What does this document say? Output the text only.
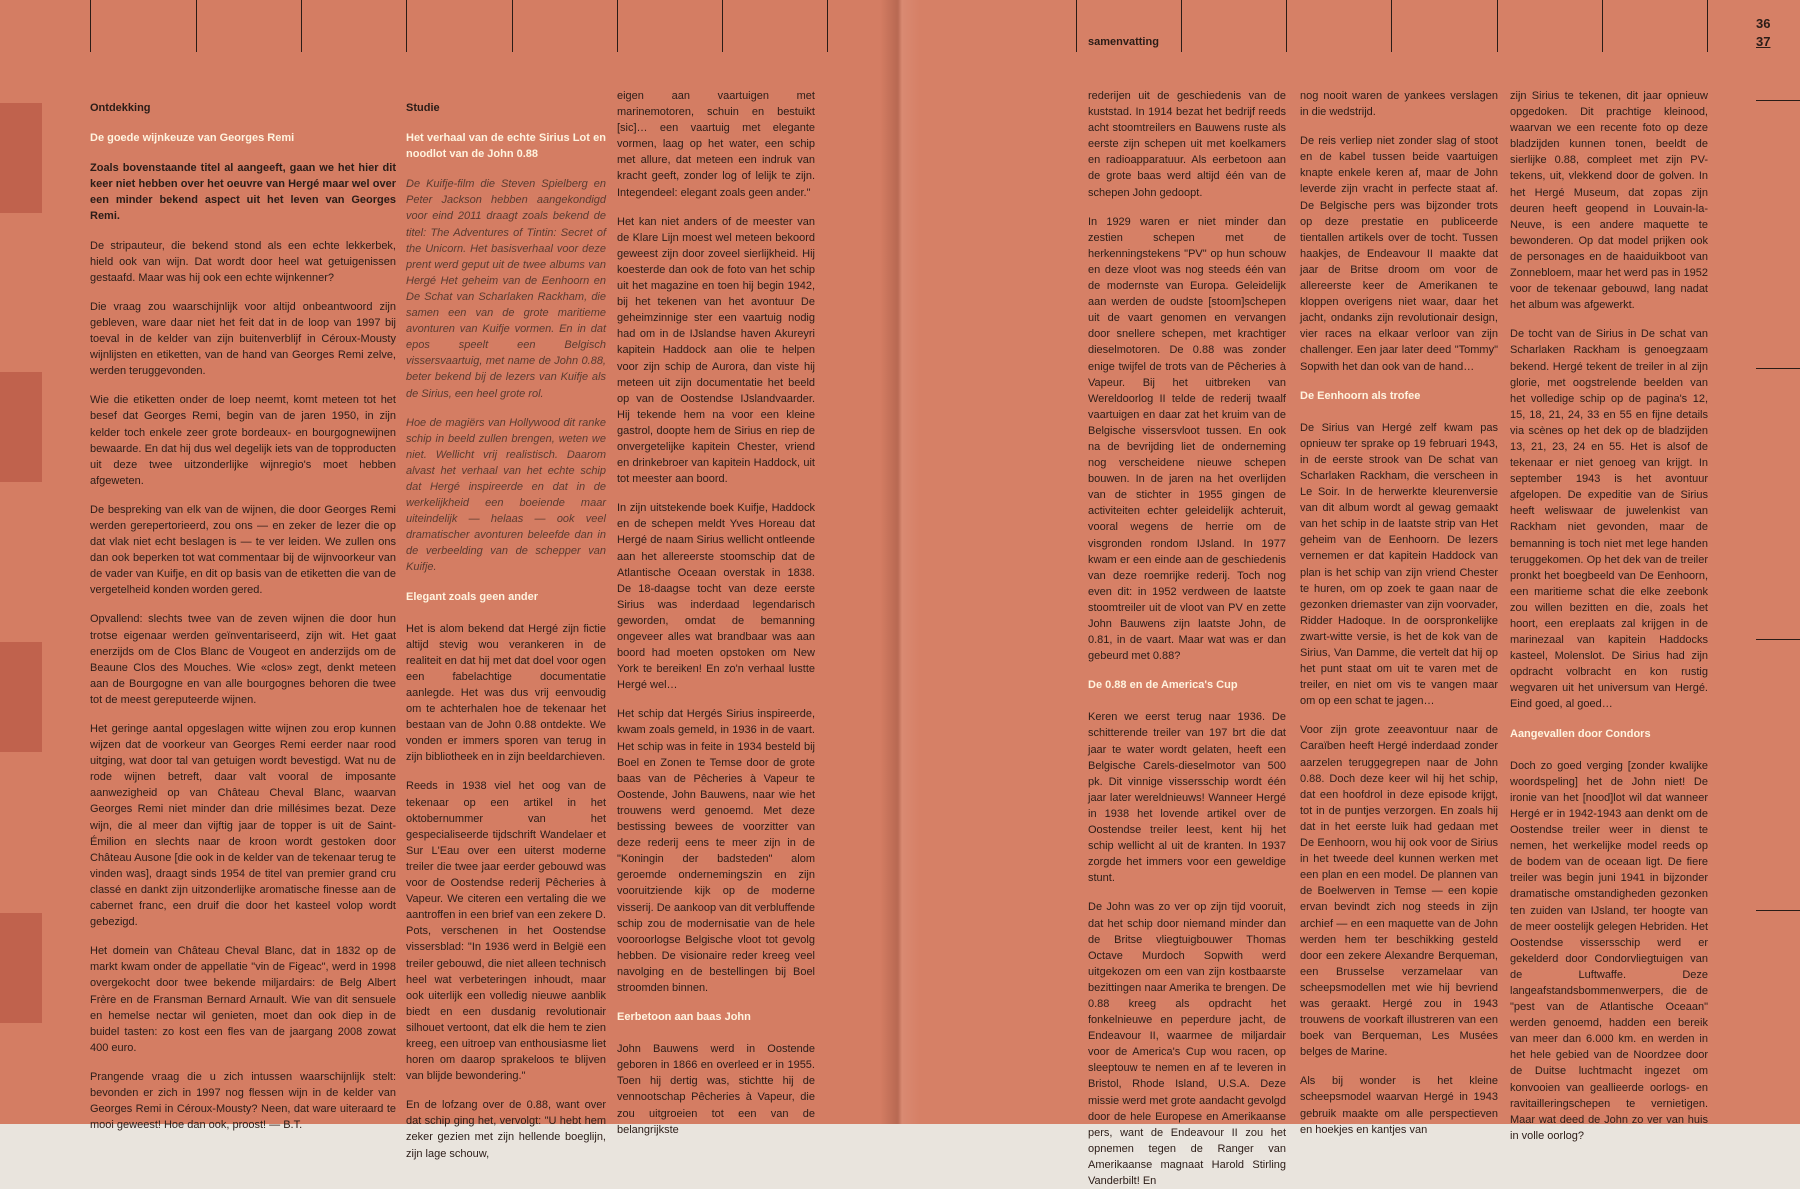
samenvatting
36
37

Ontdekking

De goede wijnkeuze van Georges Remi

Zoals bovenstaande titel al aangeeft, gaan we het hier dit keer niet hebben over het oeuvre van Hergé maar wel over een minder bekend aspect uit het leven van Georges Remi.

De stripauteur, die bekend stond als een echte lekkerbek, hield ook van wijn. Dat wordt door heel wat getuigenissen gestaafd. Maar was hij ook een echte wijnkenner?

Die vraag zou waarschijnlijk voor altijd onbeantwoord zijn gebleven, ware daar niet het feit dat in de loop van 1997 bij toeval in de kelder van zijn buitenverblijf in Céroux-Mousty wijnlijsten en etiketten, van de hand van Georges Remi zelve, werden teruggevonden.

Wie die etiketten onder de loep neemt, komt meteen tot het besef dat Georges Remi, begin van de jaren 1950, in zijn kelder toch enkele zeer grote bordeaux- en bourgognewijnen bewaarde. En dat hij dus wel degelijk iets van de topproducten uit deze twee uitzonderlijke wijnregio's moet hebben afgeweten.

De bespreking van elk van de wijnen, die door Georges Remi werden gerepertorieerd, zou ons — en zeker de lezer die op dat vlak niet echt beslagen is — te ver leiden. We zullen ons dan ook beperken tot wat commentaar bij de wijnvoorkeur van de vader van Kuifje, en dit op basis van de etiketten die van de vergetelheid konden worden gered.

Opvallend: slechts twee van de zeven wijnen die door hun trotse eigenaar werden geïnventariseerd, zijn wit. Het gaat enerzijds om de Clos Blanc de Vougeot en anderzijds om de Beaune Clos des Mouches. Wie «clos» zegt, denkt meteen aan de Bourgogne en van alle bourgognes behoren die twee tot de meest gereputeerde wijnen.

Het geringe aantal opgeslagen witte wijnen zou erop kunnen wijzen dat de voorkeur van Georges Remi eerder naar rood uitging, wat door tal van getuigen wordt bevestigd. Wat nu de rode wijnen betreft, daar valt vooral de imposante aanwezigheid op van Château Cheval Blanc, waarvan Georges Remi niet minder dan drie millésimes bezat. Deze wijn, die al meer dan vijftig jaar de topper is uit de Saint-Émilion en slechts naar de kroon wordt gestoken door Château Ausone [die ook in de kelder van de tekenaar terug te vinden was], draagt sinds 1954 de titel van premier grand cru classé en dankt zijn uitzonderlijke aromatische finesse aan de cabernet franc, een druif die door het kasteel volop wordt gebezigd.

Het domein van Château Cheval Blanc, dat in 1832 op de markt kwam onder de appellatie "vin de Figeac", werd in 1998 overgekocht door twee bekende miljardairs: de Belg Albert Frère en de Fransman Bernard Arnault. Wie van dit sensuele en hemelse nectar wil genieten, moet dan ook diep in de buidel tasten: zo kost een fles van de jaargang 2008 zowat 400 euro.

Prangende vraag die u zich intussen waarschijnlijk stelt: bevonden er zich in 1997 nog flessen wijn in de kelder van Georges Remi in Céroux-Mousty? Neen, dat ware uiteraard te mooi geweest! Hoe dan ook, proost! — B.T.

Studie

Het verhaal van de echte Sirius Lot en noodlot van de John 0.88

De Kuifje-film die Steven Spielberg en Peter Jackson hebben aangekondigd voor eind 2011 draagt zoals bekend de titel: The Adventures of Tintin: Secret of the Unicorn. Het basisverhaal voor deze prent werd geput uit de twee albums van Hergé Het geheim van de Eenhoorn en De Schat van Scharlaken Rackham, die samen een van de grote maritieme avonturen van Kuifje vormen. En in dat epos speelt een Belgisch vissersvaartuig, met name de John 0.88, beter bekend bij de lezers van Kuifje als de Sirius, een heel grote rol.

Hoe de magiërs van Hollywood dit ranke schip in beeld zullen brengen, weten we niet. Wellicht vrij realistisch. Daarom alvast het verhaal van het echte schip dat Hergé inspireerde en dat in de werkelijkheid een boeiende maar uiteindelijk — helaas — ook veel dramatischer avonturen beleefde dan in de verbeelding van de schepper van Kuifje.

Elegant zoals geen ander

Het is alom bekend dat Hergé zijn fictie altijd stevig wou verankeren in de realiteit en dat hij met dat doel voor ogen een fabelachtige documentatie aanlegde. Het was dus vrij eenvoudig om te achterhalen hoe de tekenaar het bestaan van de John 0.88 ontdekte. We vonden er immers sporen van terug in zijn bibliotheek en in zijn beeldarchieven.

Reeds in 1938 viel het oog van de tekenaar op een artikel in het oktobernummer van het gespecialiseerde tijdschrift Wandelaer et Sur L'Eau over een uiterst moderne treiler die twee jaar eerder gebouwd was voor de Oostendse rederij Pêcheries à Vapeur. We citeren een vertaling die we aantroffen in een brief van een zekere D. Pots, verschenen in het Oostendse vissersblad: "In 1936 werd in België een treiler gebouwd, die niet alleen technisch heel wat verbeteringen inhoudt, maar ook uiterlijk een volledig nieuwe aanblik biedt en een dusdanig revolutionair silhouet vertoont, dat elk die hem te zien kreeg, een uitroep van enthousiasme liet horen om daarop sprakeloos te blijven van blijde bewondering."

En de lofzang over de 0.88, want over dat schip ging het, vervolgt: "U hebt hem zeker gezien met zijn hellende boeglijn, zijn lage schouw,

eigen aan vaartuigen met marinemotoren, schuin en bestuikt [sic]… een vaartuig met elegante vormen, laag op het water, een schip met allure, dat meteen een indruk van kracht geeft, zonder log of lelijk te zijn. Integendeel: elegant zoals geen ander."

Het kan niet anders of de meester van de Klare Lijn moest wel meteen bekoord geweest zijn door zoveel sierlijkheid. Hij koesterde dan ook de foto van het schip uit het magazine en toen hij begin 1942, bij het tekenen van het avontuur De geheimzinnige ster een vaartuig nodig had om in de IJslandse haven Akureyri kapitein Haddock aan olie te helpen voor zijn schip de Aurora, dan viste hij meteen uit zijn documentatie het beeld op van de Oostendse IJslandvaarder. Hij tekende hem na voor een kleine gastrol, doopte hem de Sirius en riep de onvergetelijke kapitein Chester, vriend en drinkebroer van kapitein Haddock, uit tot meester aan boord.

In zijn uitstekende boek Kuifje, Haddock en de schepen meldt Yves Horeau dat Hergé de naam Sirius wellicht ontleende aan het allereerste stoomschip dat de Atlantische Oceaan overstak in 1838. De 18-daagse tocht van deze eerste Sirius was inderdaad legendarisch geworden, omdat de bemanning ongeveer alles wat brandbaar was aan boord had moeten opstoken om New York te bereiken! En zo'n verhaal lustte Hergé wel…

Het schip dat Hergés Sirius inspireerde, kwam zoals gemeld, in 1936 in de vaart. Het schip was in feite in 1934 besteld bij Boel en Zonen te Temse door de grote baas van de Pêcheries à Vapeur te Oostende, John Bauwens, naar wie het trouwens werd genoemd. Met deze bestissing bewees de voorzitter van deze rederij eens te meer zijn in de "Koningin der badsteden" alom geroemde ondernemingszin en zijn vooruitziende kijk op de moderne visserij. De aankoop van dit verbluffende schip zou de modernisatie van de hele vooroorlogse Belgische vloot tot gevolg hebben. De visionaire reder kreeg veel navolging en de bestellingen bij Boel stroomden binnen.

Eerbetoon aan baas John

John Bauwens werd in Oostende geboren in 1866 en overleed er in 1955. Toen hij dertig was, stichtte hij de vennootschap Pêcheries à Vapeur, die zou uitgroeien tot een van de belangrijkste

rederijen uit de geschiedenis van de kuststad. In 1914 bezat het bedrijf reeds acht stoomtreilers en Bauwens ruste als eerste zijn schepen uit met koelkamers en radioapparatuur. Als eerbetoon aan de grote baas werd altijd één van de schepen John gedoopt.

In 1929 waren er niet minder dan zestien schepen met de herkenningstekens "PV" op hun schouw en deze vloot was nog steeds één van de modernste van Europa. Geleidelijk aan werden de oudste [stoom]schepen uit de vaart genomen en vervangen door snellere schepen, met krachtiger dieselmotoren. De 0.88 was zonder enige twijfel de trots van de Pêcheries à Vapeur. Bij het uitbreken van Wereldoorlog II telde de rederij twaalf vaartuigen en daar zat het kruim van de Belgische vissersvloot tussen. En ook na de bevrijding liet de onderneming nog verscheidene nieuwe schepen bouwen. In de jaren na het overlijden van de stichter in 1955 gingen de activiteiten echter geleidelijk achteruit, vooral wegens de herrie om de visgronden rondom IJsland. In 1977 kwam er een einde aan de geschiedenis van deze roemrijke rederij. Toch nog even dit: in 1952 verdween de laatste stoomtreiler uit de vloot van PV en zette John Bauwens zijn laatste John, de 0.81, in de vaart. Maar wat was er dan gebeurd met 0.88?

De 0.88 en de America's Cup

Keren we eerst terug naar 1936. De schitterende treiler van 197 brt die dat jaar te water wordt gelaten, heeft een Belgische Carels-dieselmotor van 500 pk. Dit vinnige vissersschip wordt één jaar later wereldnieuws! Wanneer Hergé in 1938 het lovende artikel over de Oostendse treiler leest, kent hij het schip wellicht al uit de kranten. In 1937 zorgde het immers voor een geweldige stunt.

De John was zo ver op zijn tijd vooruit, dat het schip door niemand minder dan de Britse vliegtuigbouwer Thomas Octave Murdoch Sopwith werd uitgekozen om een van zijn kostbaarste bezittingen naar Amerika te brengen. De 0.88 kreeg als opdracht het fonkelnieuwe en peperdure jacht, de Endeavour II, waarmee de miljardair voor de America's Cup wou racen, op sleeptouw te nemen en af te leveren in Bristol, Rhode Island, U.S.A. Deze missie werd met grote aandacht gevolgd door de hele Europese en Amerikaanse pers, want de Endeavour II zou het opnemen tegen de Ranger van Amerikaanse magnaat Harold Stirling Vanderbilt! En

nog nooit waren de yankees verslagen in die wedstrijd.

De reis verliep niet zonder slag of stoot en de kabel tussen beide vaartuigen knapte enkele keren af, maar de John leverde zijn vracht in perfecte staat af. De Belgische pers was bijzonder trots op deze prestatie en publiceerde tientallen artikels over de tocht. Tussen haakjes, de Endeavour II maakte dat jaar de Britse droom om voor de allereerste keer de Amerikanen te kloppen overigens niet waar, daar het jacht, ondanks zijn revolutionair design, vier races na elkaar verloor van zijn challenger. Een jaar later deed "Tommy" Sopwith het dan ook van de hand…

De Eenhoorn als trofee

De Sirius van Hergé zelf kwam pas opnieuw ter sprake op 19 februari 1943, in de eerste strook van De schat van Scharlaken Rackham, die verscheen in Le Soir. In de herwerkte kleurenversie van dit album wordt al gewag gemaakt van het schip in de laatste strip van Het geheim van de Eenhoorn. De lezers vernemen er dat kapitein Haddock van plan is het schip van zijn vriend Chester te huren, om op zoek te gaan naar de gezonken driemaster van zijn voorvader, Ridder Hadoque. In de oorspronkelijke zwart-witte versie, is het de kok van de Sirius, Van Damme, die vertelt dat hij op het punt staat om uit te varen met de treiler, en niet om vis te vangen maar om op een schat te jagen…

Voor zijn grote zeeavontuur naar de Caraïben heeft Hergé inderdaad zonder aarzelen teruggegrepen naar de John 0.88. Doch deze keer wil hij het schip, dat een hoofdrol in deze episode krijgt, tot in de puntjes verzorgen. En zoals hij dat in het eerste luik had gedaan met De Eenhoorn, wou hij ook voor de Sirius in het tweede deel kunnen werken met een plan en een model. De plannen van de Boelwerven in Temse — een kopie ervan bevindt zich nog steeds in zijn archief — en een maquette van de John werden hem ter beschikking gesteld door een zekere Alexandre Berqueman, een Brusselse verzamelaar van scheepsmodellen met wie hij bevriend was geraakt. Hergé zou in 1943 trouwens de voorkaft illustreren van een boek van Berqueman, Les Musées belges de Marine.

Als bij wonder is het kleine scheepsmodel waarvan Hergé in 1943 gebruik maakte om alle perspectieven en hoekjes en kantjes van

zijn Sirius te tekenen, dit jaar opnieuw opgedoken. Dit prachtige kleinood, waarvan we een recente foto op deze bladzijden kunnen tonen, beeldt de sierlijke 0.88, compleet met zijn PV-tekens, uit, vlekkend door de golven. In het Hergé Museum, dat zopas zijn deuren heeft geopend in Louvain-la-Neuve, is een andere maquette te bewonderen. Op dat model prijken ook de personages en de haaiduikboot van Zonnebloem, maar het werd pas in 1952 voor de tekenaar gebouwd, lang nadat het album was afgewerkt.

De tocht van de Sirius in De schat van Scharlaken Rackham is genoegzaam bekend. Hergé tekent de treiler in al zijn glorie, met oogstrelende beelden van het volledige schip op de pagina's 12, 15, 18, 21, 24, 33 en 55 en fijne details via scènes op het dek op de bladzijden 13, 21, 23, 24 en 55. Het is alsof de tekenaar er niet genoeg van krijgt. In september 1943 is het avontuur afgelopen. De expeditie van de Sirius heeft weliswaar de juwelenkist van Rackham niet gevonden, maar de bemanning is toch niet met lege handen teruggekomen. Op het dek van de treiler pronkt het boegbeeld van De Eenhoorn, een maritieme schat die elke zeebonk zou willen bezitten en die, zoals het hoort, een ereplaats zal krijgen in de marinezaal van kapitein Haddocks kasteel, Molenslot. De Sirius had zijn opdracht volbracht en kon rustig wegvaren uit het universum van Hergé. Eind goed, al goed…

Aangevallen door Condors

Doch zo goed verging [zonder kwalijke woordspeling] het de John niet! De ironie van het [nood]lot wil dat wanneer Hergé er in 1942-1943 aan denkt om de Oostendse treiler weer in dienst te nemen, het werkelijke model reeds op de bodem van de oceaan ligt. De fiere treiler was begin juni 1941 in bijzonder dramatische omstandigheden gezonken ten zuiden van IJsland, ter hoogte van de meer oostelijk gelegen Hebriden. Het Oostendse vissersschip werd er gekelderd door Condorvliegtuigen van de Luftwaffe. Deze langeafstandsbommenwerpers, die de "pest van de Atlantische Oceaan" werden genoemd, hadden een bereik van meer dan 6.000 km. en werden in het hele gebied van de Noordzee door de Duitse luchtmacht ingezet om konvooien van geallieerde oorlogs- en ravitailleringschepen te vernietigen. Maar wat deed de John zo ver van huis in volle oorlog?
